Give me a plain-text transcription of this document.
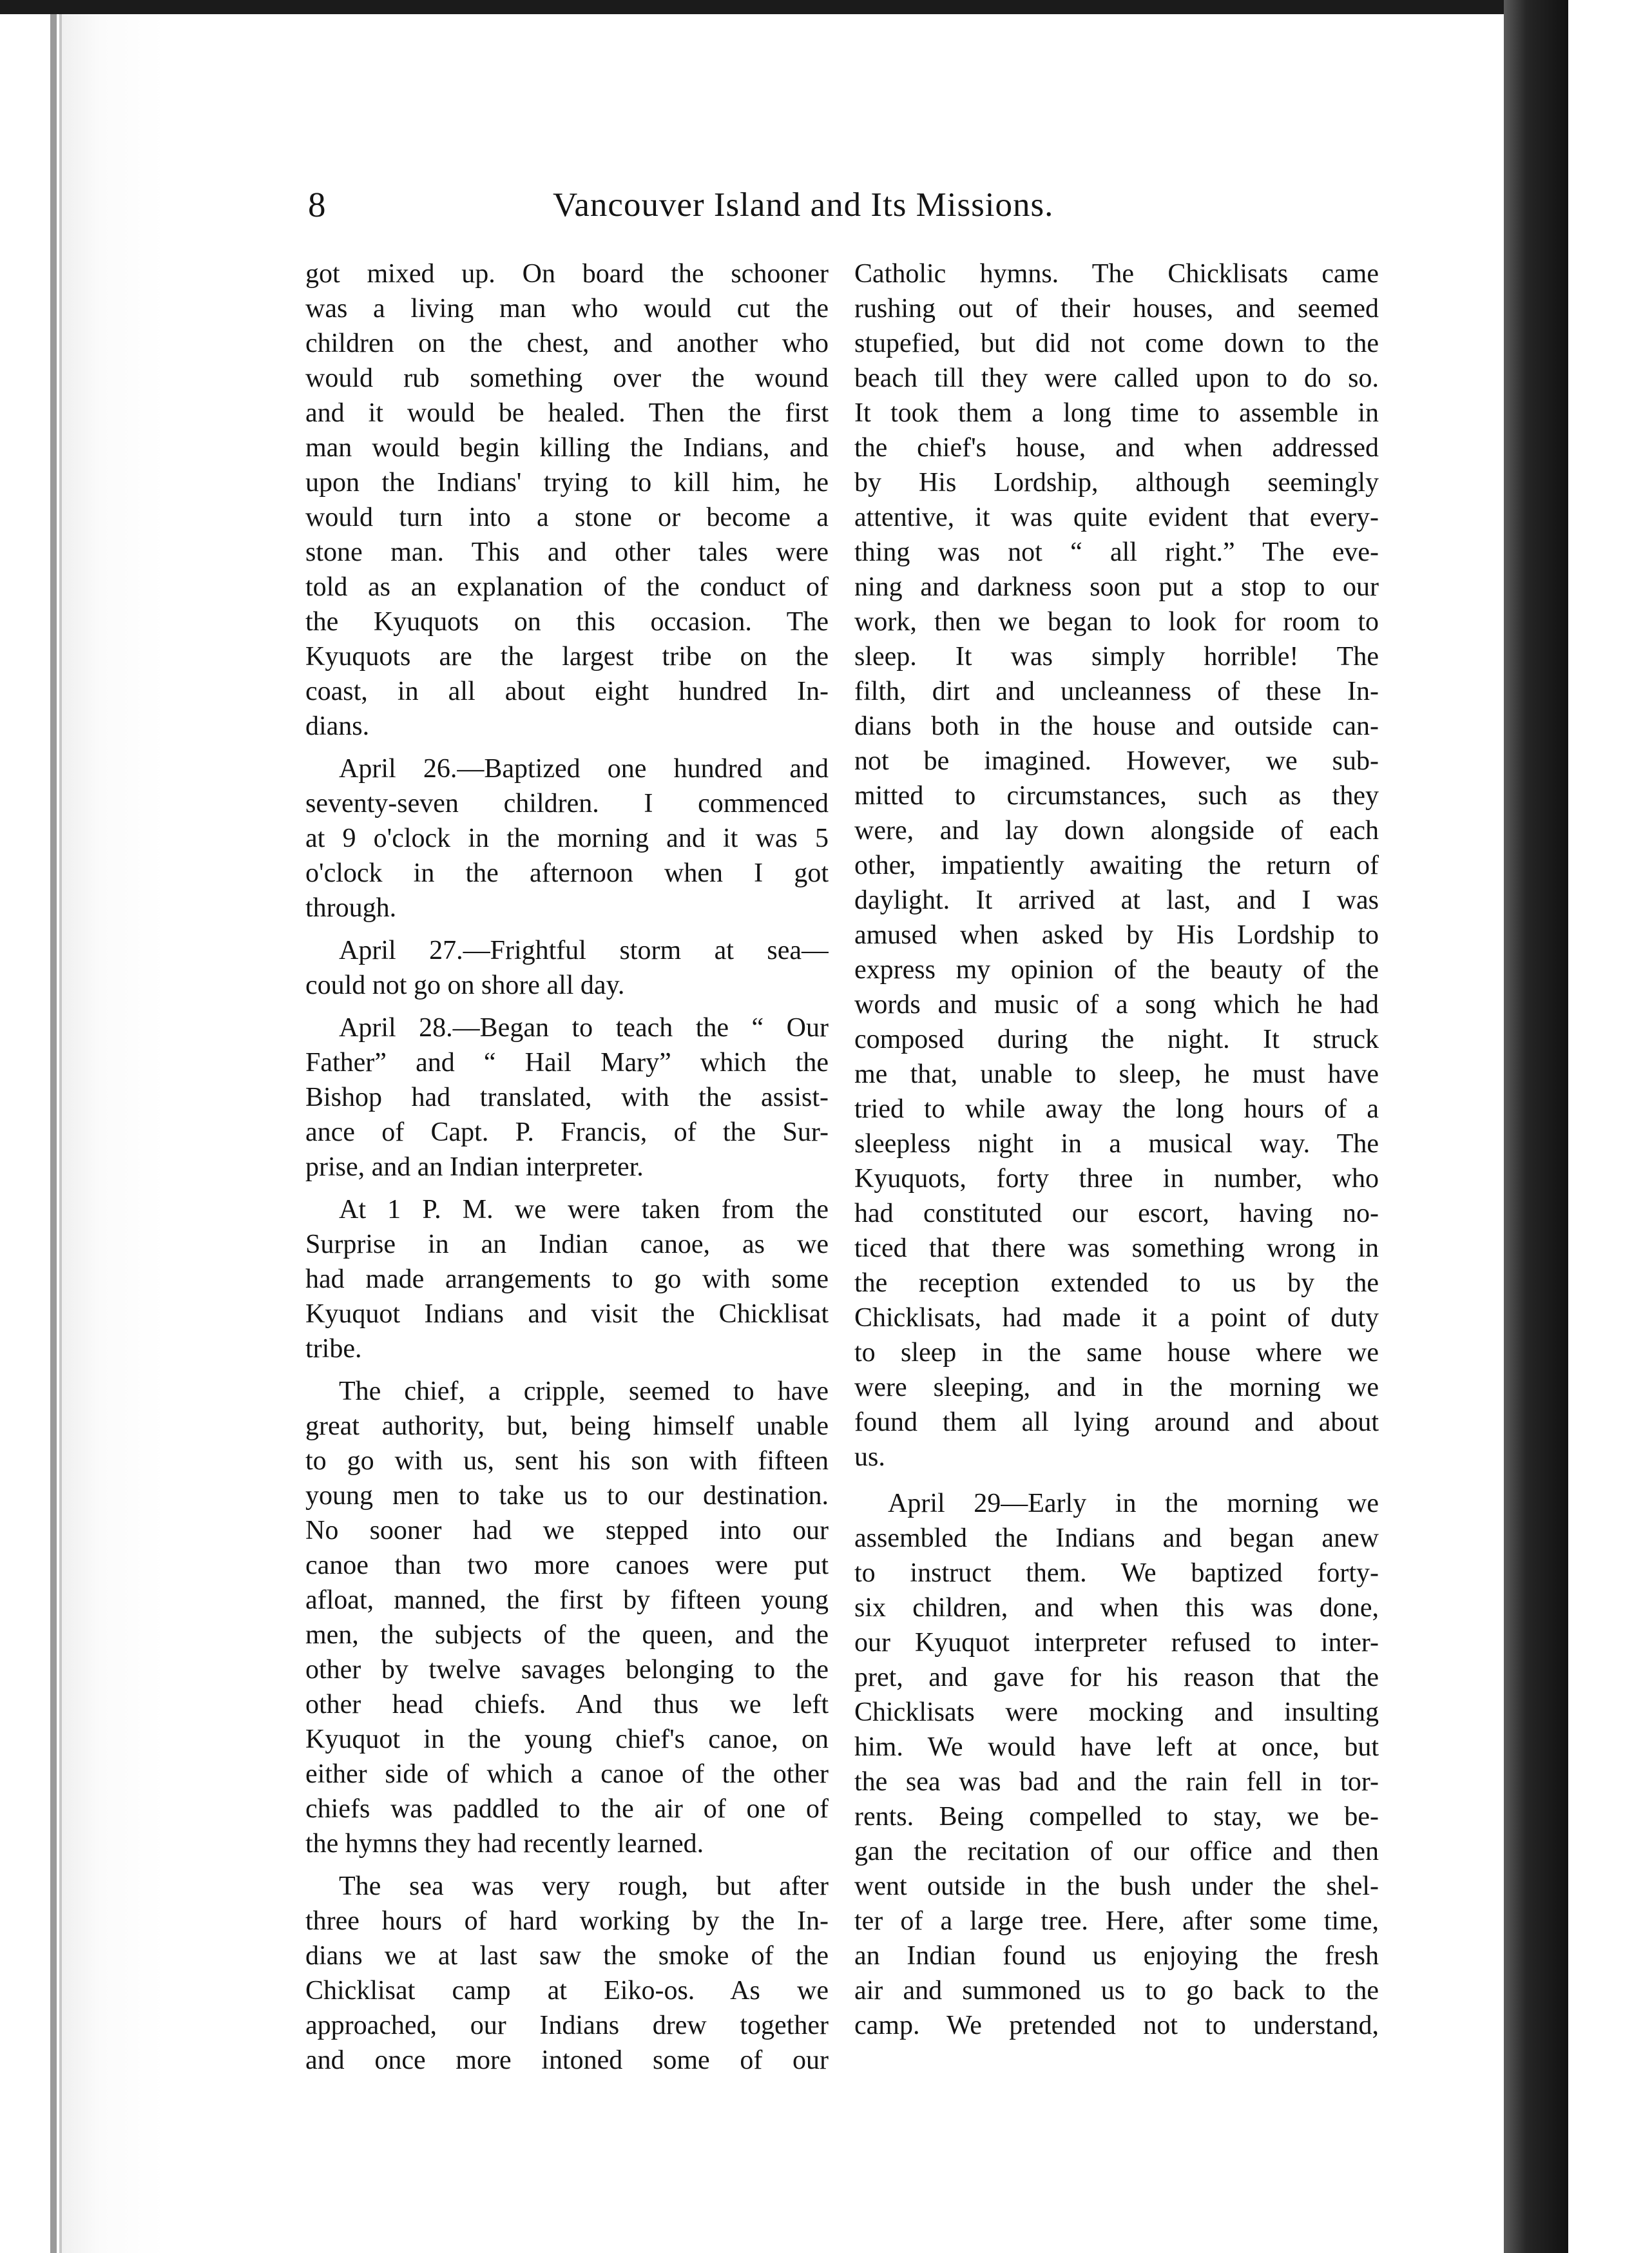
8	Vancouver Island and Its Missions.
got mixed up. On board the schooner
was a living man who would cut the
children on the chest, and another who
would rub something over the wound
and it would be healed. Then the first
man would begin killing the Indians, and
upon the Indians' trying to kill him, he
would turn into a stone or become a
stone man. This and other tales were
told as an explanation of the conduct of
the Kyuquots on this occasion. The
Kyuquots are the largest tribe on the
coast, in all about eight hundred In-
dians.
April 26.—Baptized one hundred and
seventy-seven children. I commenced
at 9 o'clock in the morning and it was 5
o'clock in the afternoon when I got
through.
April 27.—Frightful storm at sea—
could not go on shore all day.
April 28.—Began to teach the “ Our
Father” and “ Hail Mary” which the
Bishop had translated, with the assist-
ance of Capt. P. Francis, of the Sur-
prise, and an Indian interpreter.
At 1 P. M. we were taken from the
Surprise in an Indian canoe, as we
had made arrangements to go with some
Kyuquot Indians and visit the Chicklisat
tribe.
The chief, a cripple, seemed to have
great authority, but, being himself unable
to go with us, sent his son with fifteen
young men to take us to our destination.
No sooner had we stepped into our
canoe than two more canoes were put
afloat, manned, the first by fifteen young
men, the subjects of the queen, and the
other by twelve savages belonging to the
other head chiefs. And thus we left
Kyuquot in the young chief's canoe, on
either side of which a canoe of the other
chiefs was paddled to the air of one of
the hymns they had recently learned.
The sea was very rough, but after
three hours of hard working by the In-
dians we at last saw the smoke of the
Chicklisat camp at Eiko-os. As we
approached, our Indians drew together
and once more intoned some of our
Catholic hymns. The Chicklisats came
rushing out of their houses, and seemed
stupefied, but did not come down to the
beach till they were called upon to do so.
It took them a long time to assemble in
the chief's house, and when addressed
by His Lordship, although seemingly
attentive, it was quite evident that every-
thing was not “ all right.” The eve-
ning and darkness soon put a stop to our
work, then we began to look for room to
sleep. It was simply horrible! The
filth, dirt and uncleanness of these In-
dians both in the house and outside can-
not be imagined. However, we sub-
mitted to circumstances, such as they
were, and lay down alongside of each
other, impatiently awaiting the return of
daylight. It arrived at last, and I was
amused when asked by His Lordship to
express my opinion of the beauty of the
words and music of a song which he had
composed during the night. It struck
me that, unable to sleep, he must have
tried to while away the long hours of a
sleepless night in a musical way. The
Kyuquots, forty three in number, who
had constituted our escort, having no-
ticed that there was something wrong in
the reception extended to us by the
Chicklisats, had made it a point of duty
to sleep in the same house where we
were sleeping, and in the morning we
found them all lying around and about
us.
April 29—Early in the morning we
assembled the Indians and began anew
to instruct them. We baptized forty-
six children, and when this was done,
our Kyuquot interpreter refused to inter-
pret, and gave for his reason that the
Chicklisats were mocking and insulting
him. We would have left at once, but
the sea was bad and the rain fell in tor-
rents. Being compelled to stay, we be-
gan the recitation of our office and then
went outside in the bush under the shel-
ter of a large tree. Here, after some time,
an Indian found us enjoying the fresh
air and summoned us to go back to the
camp. We pretended not to understand,
